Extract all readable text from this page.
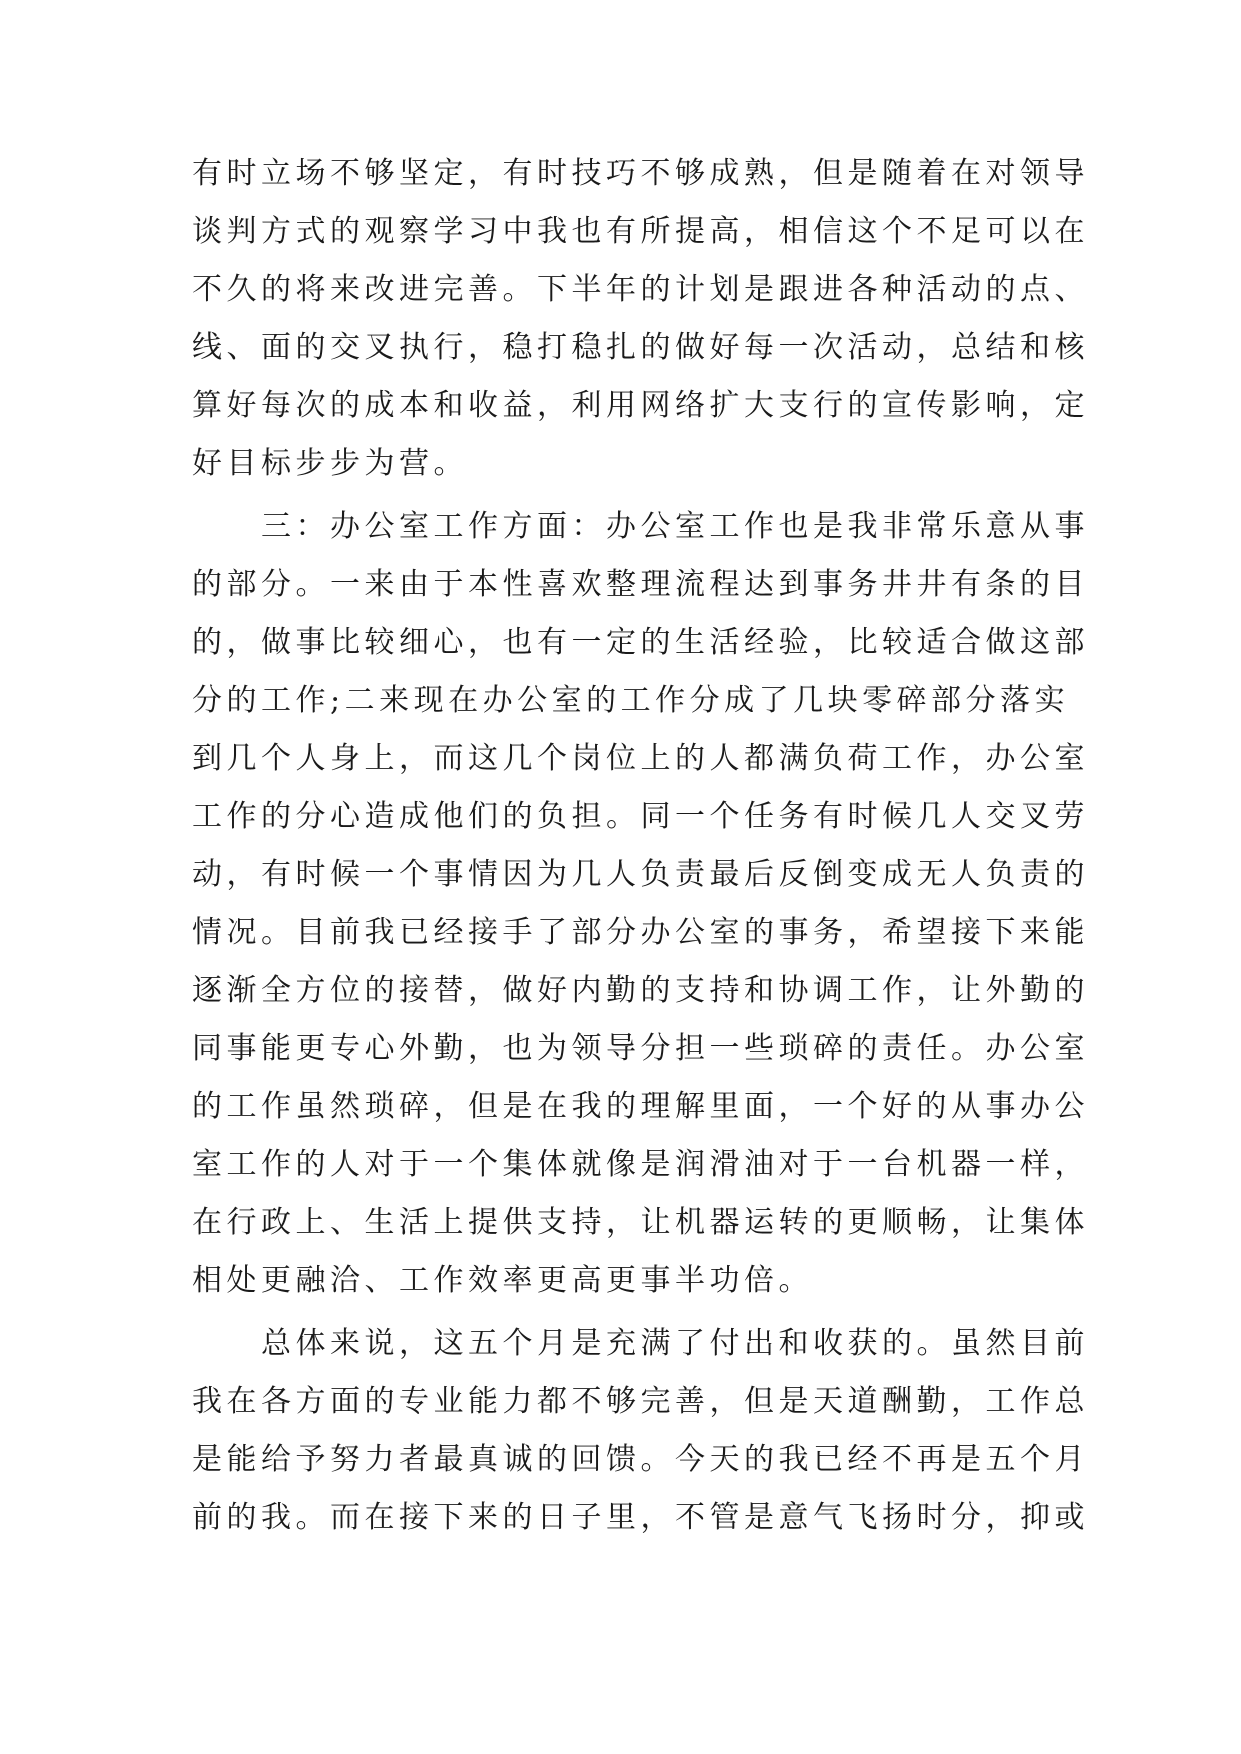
有时立场不够坚定，有时技巧不够成熟，但是随着在对领导
谈判方式的观察学习中我也有所提高，相信这个不足可以在
不久的将来改进完善。下半年的计划是跟进各种活动的点、
线、面的交叉执行，稳打稳扎的做好每一次活动，总结和核
算好每次的成本和收益，利用网络扩大支行的宣传影响，定
好目标步步为营。
　　三：办公室工作方面：办公室工作也是我非常乐意从事
的部分。一来由于本性喜欢整理流程达到事务井井有条的目
的，做事比较细心，也有一定的生活经验，比较适合做这部
分的工作;二来现在办公室的工作分成了几块零碎部分落实
到几个人身上，而这几个岗位上的人都满负荷工作，办公室
工作的分心造成他们的负担。同一个任务有时候几人交叉劳
动，有时候一个事情因为几人负责最后反倒变成无人负责的
情况。目前我已经接手了部分办公室的事务，希望接下来能
逐渐全方位的接替，做好内勤的支持和协调工作，让外勤的
同事能更专心外勤，也为领导分担一些琐碎的责任。办公室
的工作虽然琐碎，但是在我的理解里面，一个好的从事办公
室工作的人对于一个集体就像是润滑油对于一台机器一样，
在行政上、生活上提供支持，让机器运转的更顺畅，让集体
相处更融洽、工作效率更高更事半功倍。
　　总体来说，这五个月是充满了付出和收获的。虽然目前
我在各方面的专业能力都不够完善，但是天道酬勤，工作总
是能给予努力者最真诚的回馈。今天的我已经不再是五个月
前的我。而在接下来的日子里，不管是意气飞扬时分，抑或
